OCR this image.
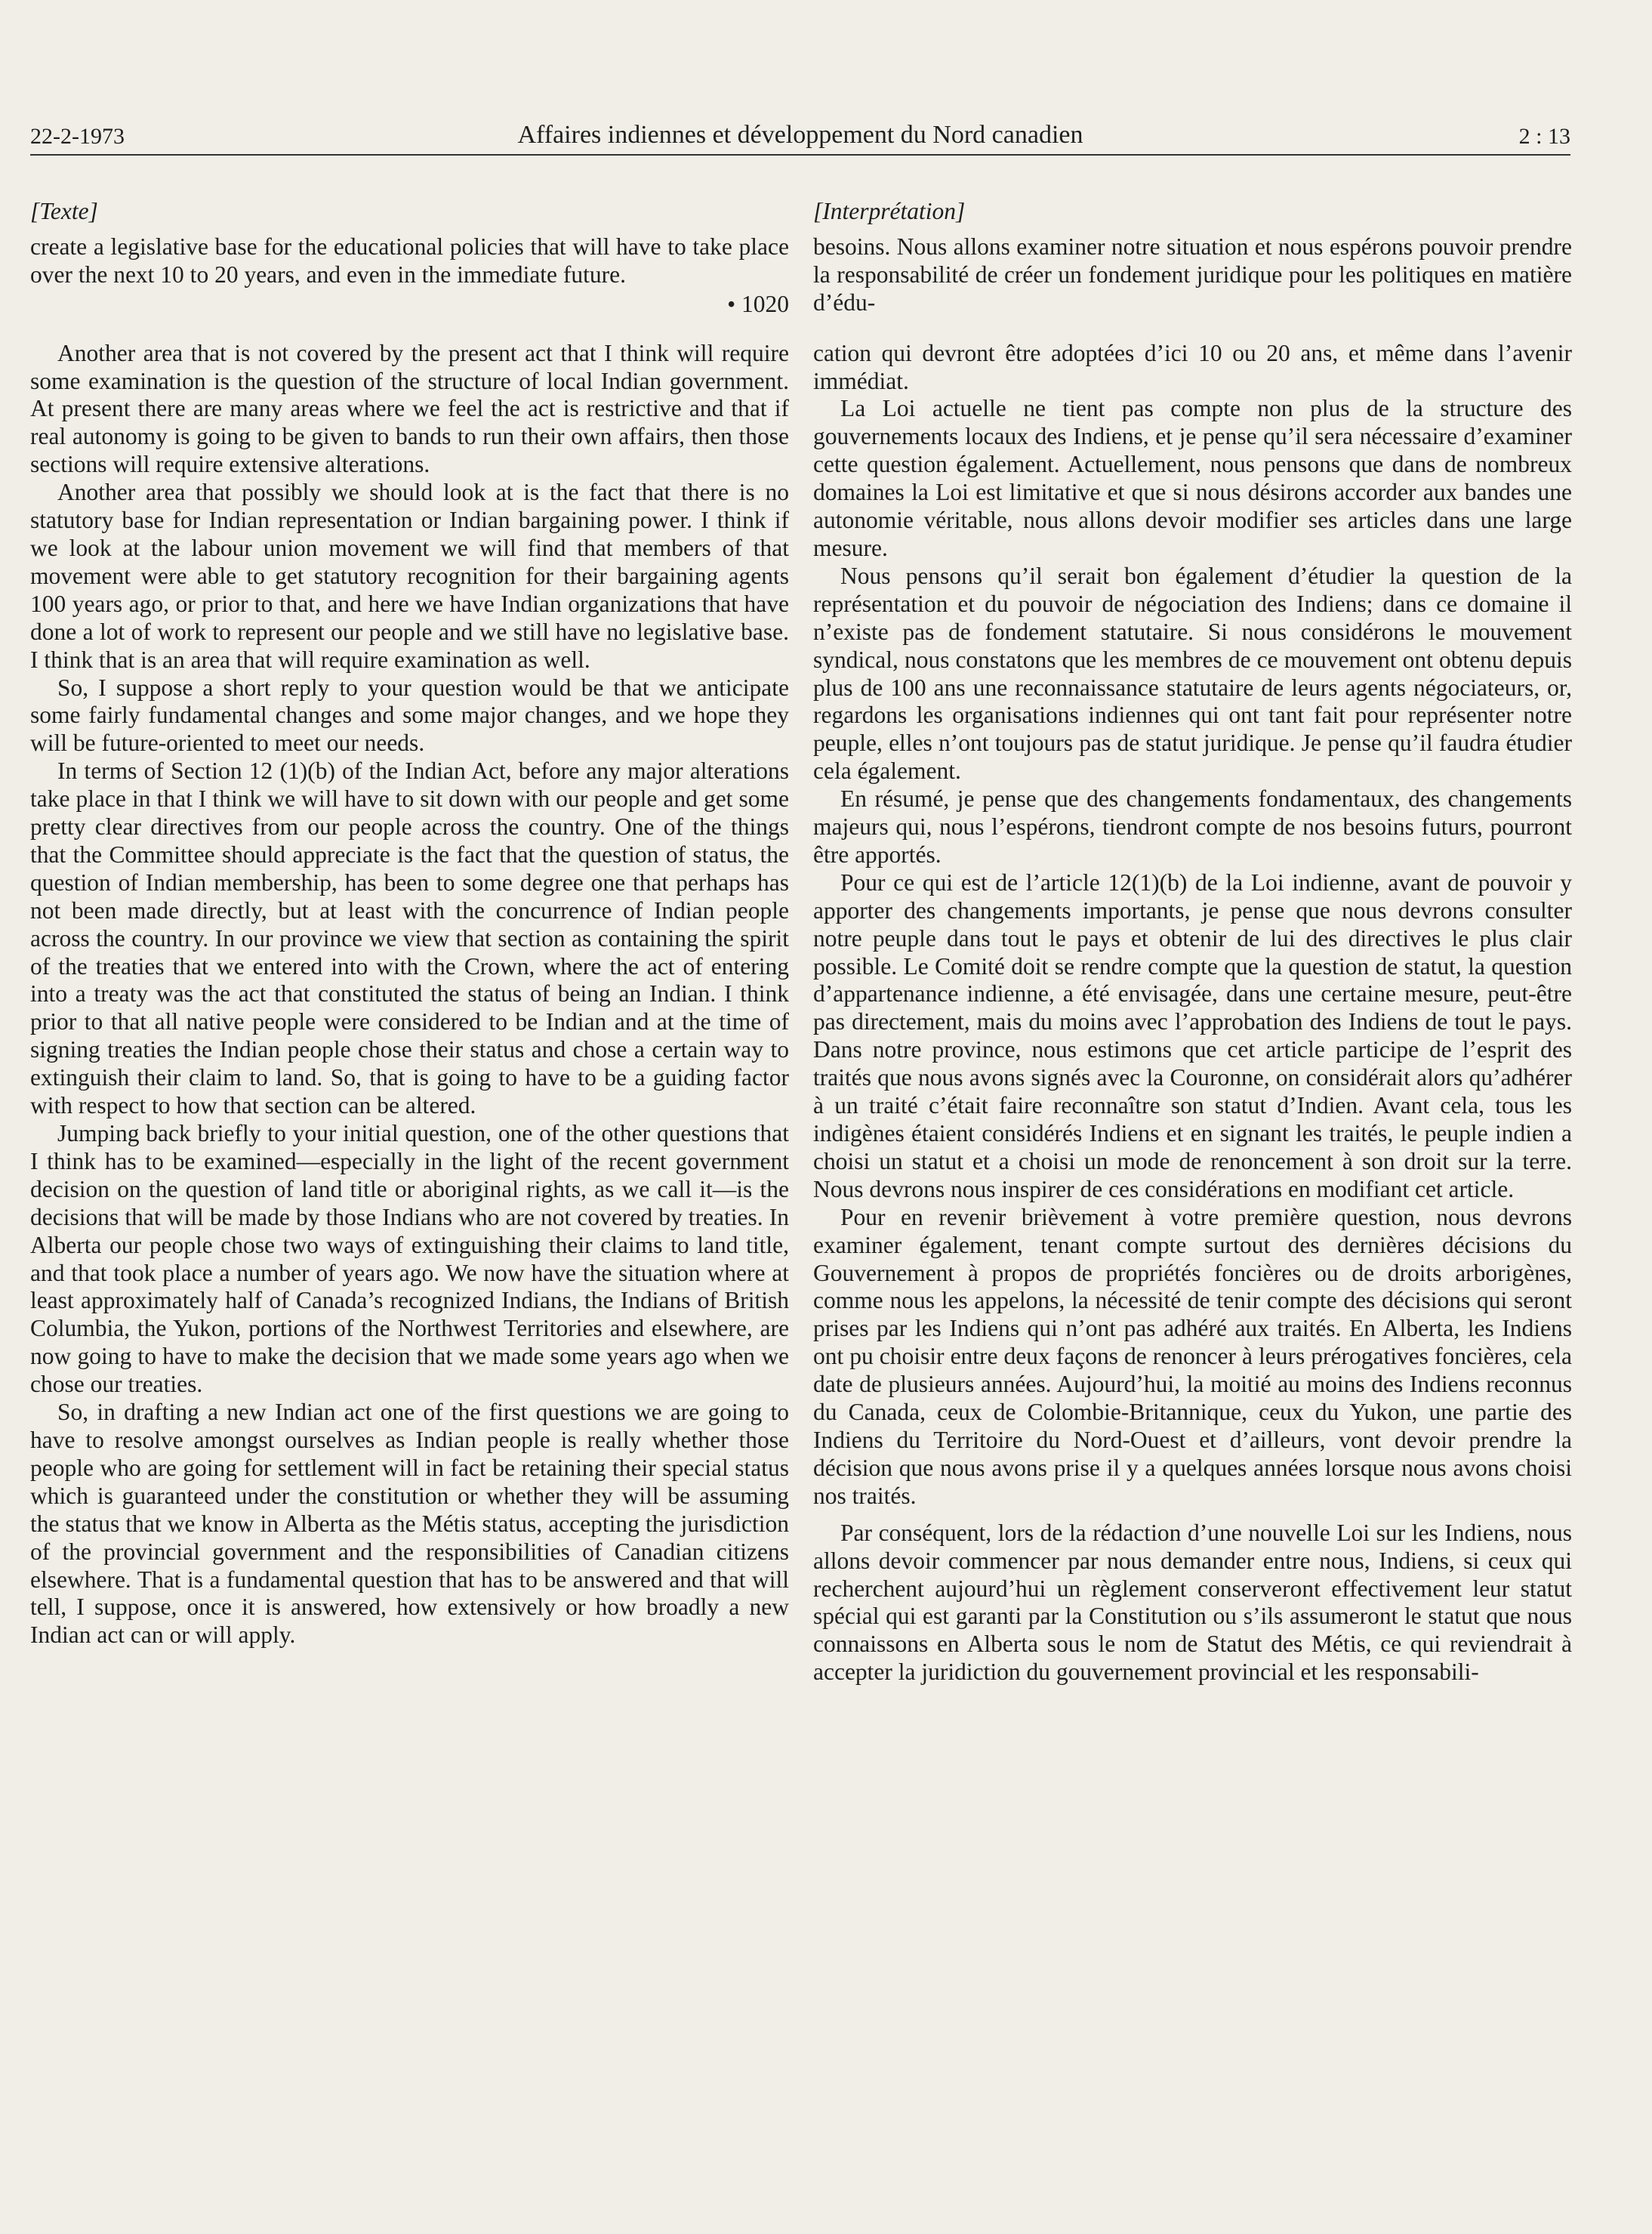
22-2-1973	Affaires indiennes et développement du Nord canadien	2 : 13

[Texte]

create a legislative base for the educational policies that will have to take place over the next 10 to 20 years, and even in the immediate future.

• 1020

Another area that is not covered by the present act that I think will require some examination is the question of the structure of local Indian government. At present there are many areas where we feel the act is restrictive and that if real autonomy is going to be given to bands to run their own affairs, then those sections will require extensive alterations.

Another area that possibly we should look at is the fact that there is no statutory base for Indian representation or Indian bargaining power. I think if we look at the labour union movement we will find that members of that movement were able to get statutory recognition for their bargaining agents 100 years ago, or prior to that, and here we have Indian organizations that have done a lot of work to represent our people and we still have no legislative base. I think that is an area that will require examination as well.

So, I suppose a short reply to your question would be that we anticipate some fairly fundamental changes and some major changes, and we hope they will be future-oriented to meet our needs.

In terms of Section 12 (1)(b) of the Indian Act, before any major alterations take place in that I think we will have to sit down with our people and get some pretty clear directives from our people across the country. One of the things that the Committee should appreciate is the fact that the question of status, the question of Indian membership, has been to some degree one that perhaps has not been made directly, but at least with the concurrence of Indian people across the country. In our province we view that section as containing the spirit of the treaties that we entered into with the Crown, where the act of entering into a treaty was the act that constituted the status of being an Indian. I think prior to that all native people were considered to be Indian and at the time of signing treaties the Indian people chose their status and chose a certain way to extinguish their claim to land. So, that is going to have to be a guiding factor with respect to how that section can be altered.

Jumping back briefly to your initial question, one of the other questions that I think has to be examined—especially in the light of the recent government decision on the question of land title or aboriginal rights, as we call it—is the decisions that will be made by those Indians who are not covered by treaties. In Alberta our people chose two ways of extinguishing their claims to land title, and that took place a number of years ago. We now have the situation where at least approximately half of Canada’s recognized Indians, the Indians of British Columbia, the Yukon, portions of the Northwest Territories and elsewhere, are now going to have to make the decision that we made some years ago when we chose our treaties.

So, in drafting a new Indian act one of the first questions we are going to have to resolve amongst ourselves as Indian people is really whether those people who are going for settlement will in fact be retaining their special status which is guaranteed under the constitution or whether they will be assuming the status that we know in Alberta as the Métis status, accepting the jurisdiction of the provincial government and the responsibilities of Canadian citizens elsewhere. That is a fundamental question that has to be answered and that will tell, I suppose, once it is answered, how extensively or how broadly a new Indian act can or will apply.

[Interprétation]

besoins. Nous allons examiner notre situation et nous espérons pouvoir prendre la responsabilité de créer un fondement juridique pour les politiques en matière d’édu-

cation qui devront être adoptées d’ici 10 ou 20 ans, et même dans l’avenir immédiat.

La Loi actuelle ne tient pas compte non plus de la structure des gouvernements locaux des Indiens, et je pense qu’il sera nécessaire d’examiner cette question également. Actuellement, nous pensons que dans de nombreux domaines la Loi est limitative et que si nous désirons accorder aux bandes une autonomie véritable, nous allons devoir modifier ses articles dans une large mesure.

Nous pensons qu’il serait bon également d’étudier la question de la représentation et du pouvoir de négociation des Indiens; dans ce domaine il n’existe pas de fondement statutaire. Si nous considérons le mouvement syndical, nous constatons que les membres de ce mouvement ont obtenu depuis plus de 100 ans une reconnaissance statutaire de leurs agents négociateurs, or, regardons les organisations indiennes qui ont tant fait pour représenter notre peuple, elles n’ont toujours pas de statut juridique. Je pense qu’il faudra étudier cela également.

En résumé, je pense que des changements fondamentaux, des changements majeurs qui, nous l’espérons, tiendront compte de nos besoins futurs, pourront être apportés.

Pour ce qui est de l’article 12(1)(b) de la Loi indienne, avant de pouvoir y apporter des changements importants, je pense que nous devrons consulter notre peuple dans tout le pays et obtenir de lui des directives le plus clair possible. Le Comité doit se rendre compte que la question de statut, la question d’appartenance indienne, a été envisagée, dans une certaine mesure, peut-être pas directement, mais du moins avec l’approbation des Indiens de tout le pays. Dans notre province, nous estimons que cet article participe de l’esprit des traités que nous avons signés avec la Couronne, on considérait alors qu’adhérer à un traité c’était faire reconnaître son statut d’Indien. Avant cela, tous les indigènes étaient considérés Indiens et en signant les traités, le peuple indien a choisi un statut et a choisi un mode de renoncement à son droit sur la terre. Nous devrons nous inspirer de ces considérations en modifiant cet article.

Pour en revenir brièvement à votre première question, nous devrons examiner également, tenant compte surtout des dernières décisions du Gouvernement à propos de propriétés foncières ou de droits arborigènes, comme nous les appelons, la nécessité de tenir compte des décisions qui seront prises par les Indiens qui n’ont pas adhéré aux traités. En Alberta, les Indiens ont pu choisir entre deux façons de renoncer à leurs prérogatives foncières, cela date de plusieurs années. Aujourd’hui, la moitié au moins des Indiens reconnus du Canada, ceux de Colombie-Britannique, ceux du Yukon, une partie des Indiens du Territoire du Nord-Ouest et d’ailleurs, vont devoir prendre la décision que nous avons prise il y a quelques années lorsque nous avons choisi nos traités.

Par conséquent, lors de la rédaction d’une nouvelle Loi sur les Indiens, nous allons devoir commencer par nous demander entre nous, Indiens, si ceux qui recherchent aujourd’hui un règlement conserveront effectivement leur statut spécial qui est garanti par la Constitution ou s’ils assumeront le statut que nous connaissons en Alberta sous le nom de Statut des Métis, ce qui reviendrait à accepter la juridiction du gouvernement provincial et les responsabili-
